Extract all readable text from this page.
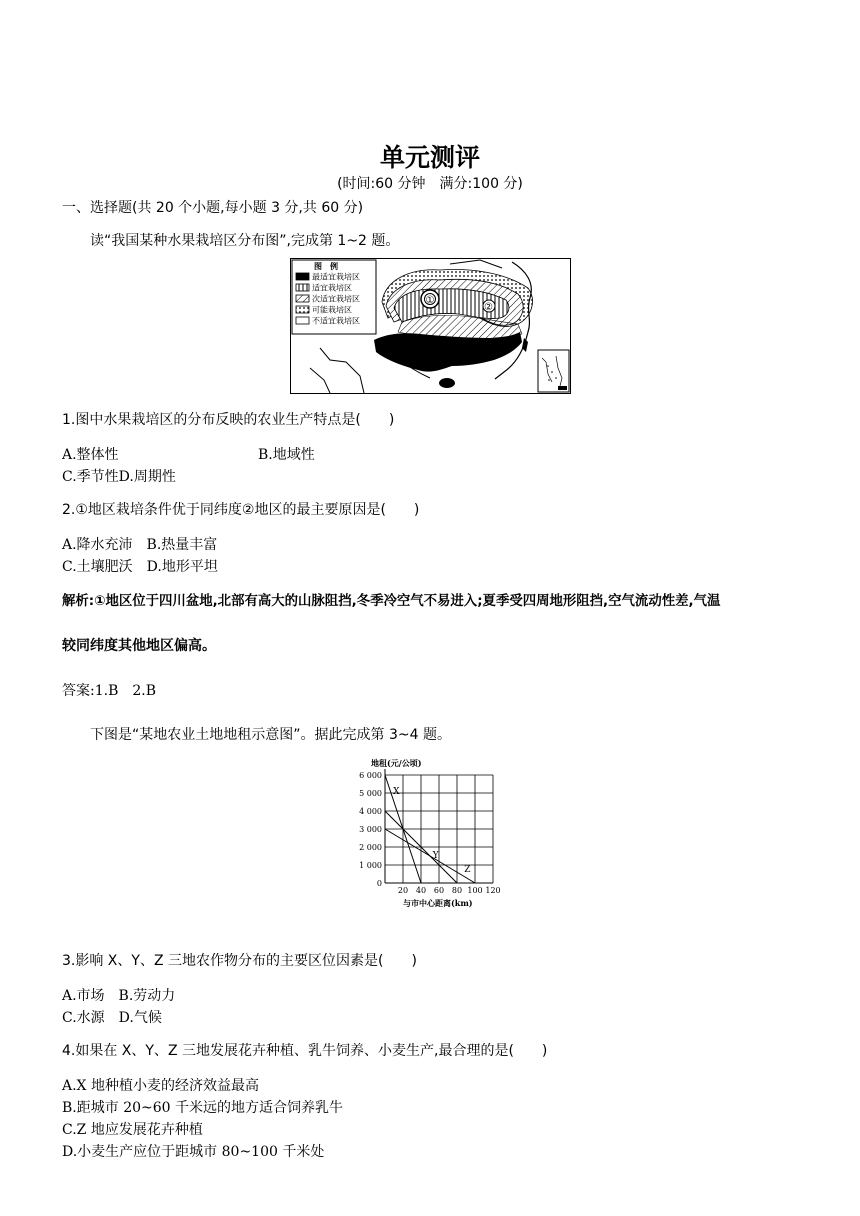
单元测评
(时间:60 分钟　满分:100 分)
一、选择题(共 20 个小题,每小题 3 分,共 60 分)
读“我国某种水果栽培区分布图”,完成第 1~2 题。
①
②
图　例
最适宜栽培区
适宜栽培区
次适宜栽培区
可能栽培区
不适宜栽培区
1.图中水果栽培区的分布反映的农业生产特点是(　　)
A.整体性	B.地域性
C.季节性D.周期性
2.①地区栽培条件优于同纬度②地区的最主要原因是(　　)
A.降水充沛　B.热量丰富
C.土壤肥沃　D.地形平坦
解析:①地区位于四川盆地,北部有高大的山脉阻挡,冬季冷空气不易进入;夏季受四周地形阻挡,空气流动性差,气温
较同纬度其他地区偏高。
答案:1.B　2.B
下图是“某地农业土地地租示意图”。据此完成第 3~4 题。
地租(元/公顷)
与市中心距离(km)
0
1 000
2 000
3 000
4 000
5 000
6 000
20 40 60 80 100 120
X
Y
Z
3.影响 X、Y、Z 三地农作物分布的主要区位因素是(　　)
A.市场　B.劳动力
C.水源　D.气候
4.如果在 X、Y、Z 三地发展花卉种植、乳牛饲养、小麦生产,最合理的是(　　)
A.X 地种植小麦的经济效益最高
B.距城市 20~60 千米远的地方适合饲养乳牛
C.Z 地应发展花卉种植
D.小麦生产应位于距城市 80~100 千米处
